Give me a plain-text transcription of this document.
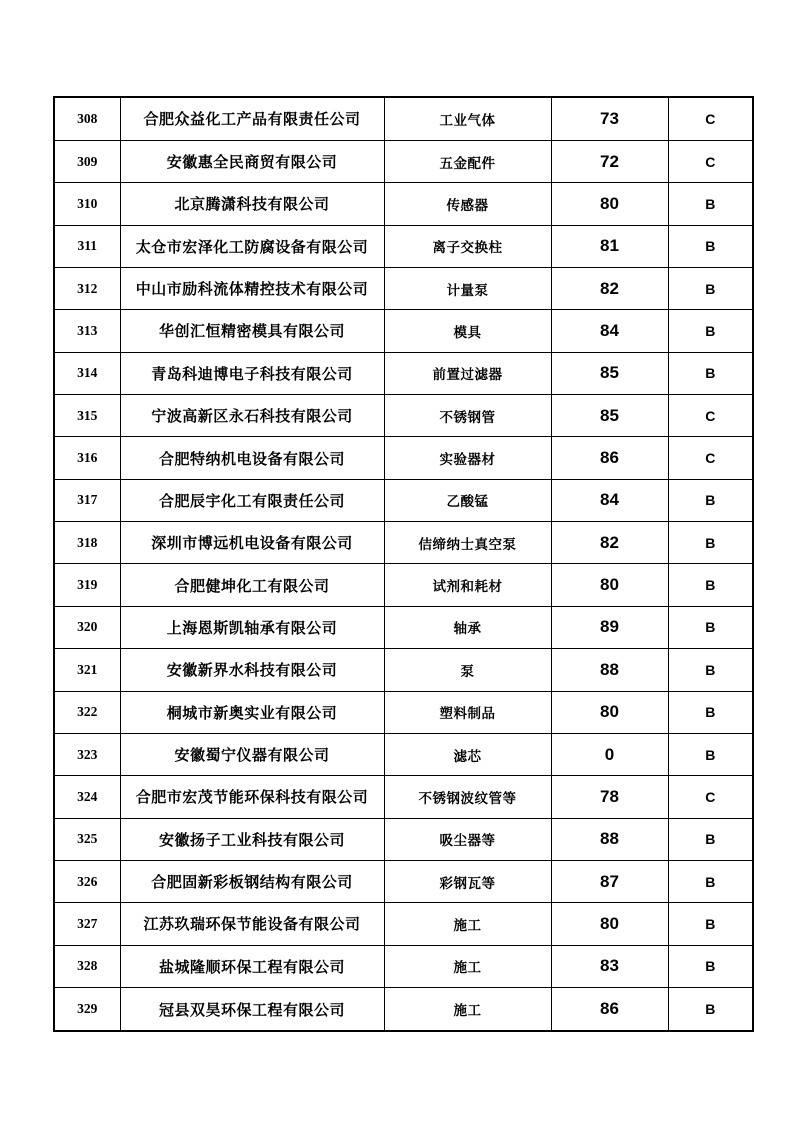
308	合肥众益化工产品有限责任公司	工业气体	73	C
309	安徽惠全民商贸有限公司	五金配件	72	C
310	北京腾潇科技有限公司	传感器	80	B
311	太仓市宏泽化工防腐设备有限公司	离子交换柱	81	B
312	中山市励科流体精控技术有限公司	计量泵	82	B
313	华创汇恒精密模具有限公司	模具	84	B
314	青岛科迪博电子科技有限公司	前置过滤器	85	B
315	宁波高新区永石科技有限公司	不锈钢管	85	C
316	合肥特纳机电设备有限公司	实验器材	86	C
317	合肥辰宇化工有限责任公司	乙酸锰	84	B
318	深圳市博远机电设备有限公司	佶缔纳士真空泵	82	B
319	合肥健坤化工有限公司	试剂和耗材	80	B
320	上海恩斯凯轴承有限公司	轴承	89	B
321	安徽新界水科技有限公司	泵	88	B
322	桐城市新奥实业有限公司	塑料制品	80	B
323	安徽蜀宁仪器有限公司	滤芯	0	B
324	合肥市宏茂节能环保科技有限公司	不锈钢波纹管等	78	C
325	安徽扬子工业科技有限公司	吸尘器等	88	B
326	合肥固新彩板钢结构有限公司	彩钢瓦等	87	B
327	江苏玖瑞环保节能设备有限公司	施工	80	B
328	盐城隆顺环保工程有限公司	施工	83	B
329	冠县双昊环保工程有限公司	施工	86	B
